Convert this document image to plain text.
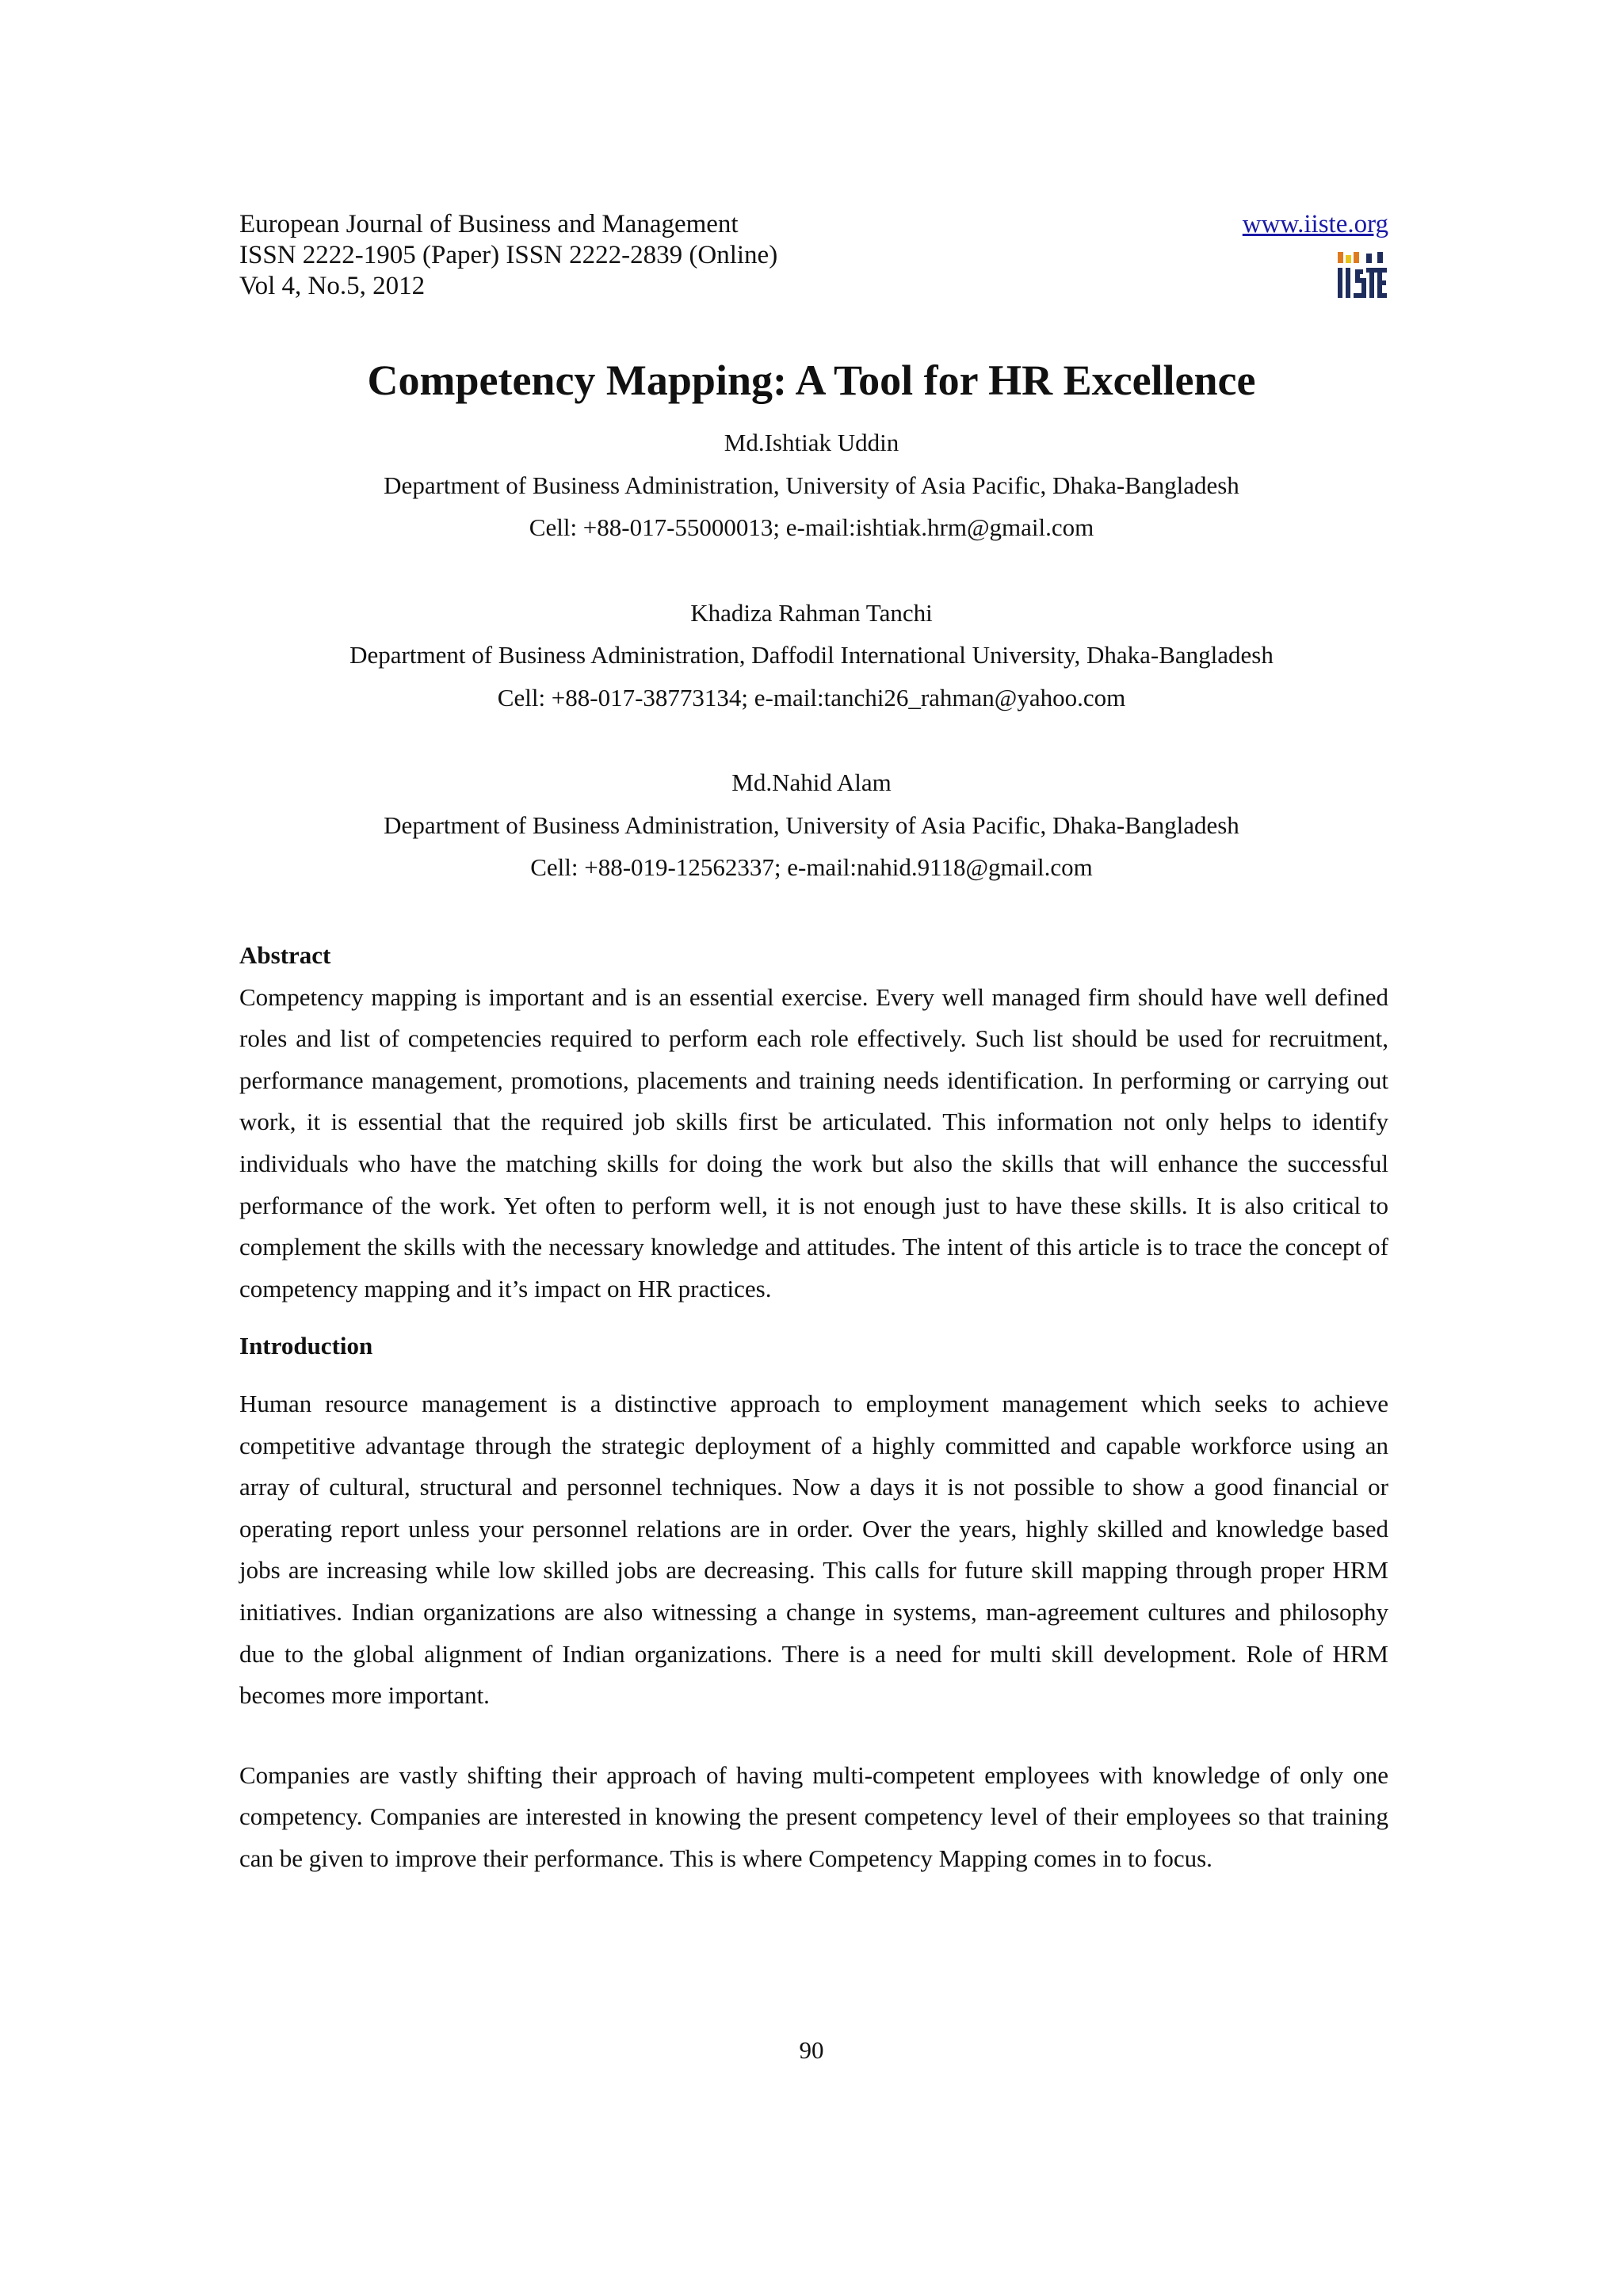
European Journal of Business and Management
ISSN 2222-1905 (Paper) ISSN 2222-2839 (Online)
Vol 4, No.5, 2012
www.iiste.org
Competency Mapping: A Tool for HR Excellence
Md.Ishtiak Uddin
Department of Business Administration, University of Asia Pacific, Dhaka-Bangladesh
Cell: +88-017-55000013; e-mail:ishtiak.hrm@gmail.com
Khadiza Rahman Tanchi
Department of Business Administration, Daffodil International University, Dhaka-Bangladesh
Cell: +88-017-38773134; e-mail:tanchi26_rahman@yahoo.com
Md.Nahid Alam
Department of Business Administration, University of Asia Pacific, Dhaka-Bangladesh
Cell: +88-019-12562337; e-mail:nahid.9118@gmail.com
Abstract

Competency mapping is important and is an essential exercise. Every well managed firm should have well defined roles and list of competencies required to perform each role effectively. Such list should be used for recruitment, performance management, promotions, placements and training needs identification. In performing or carrying out work, it is essential that the required job skills first be articulated. This information not only helps to identify individuals who have the matching skills for doing the work but also the skills that will enhance the successful performance of the work. Yet often to perform well, it is not enough just to have these skills. It is also critical to complement the skills with the necessary knowledge and attitudes. The intent of this article is to trace the concept of competency mapping and it’s impact on HR practices.

Introduction

Human resource management is a distinctive approach to employment management which seeks to achieve competitive advantage through the strategic deployment of a highly committed and capable workforce using an array of cultural, structural and personnel techniques. Now a days it is not possible to show a good financial or operating report unless your personnel relations are in order. Over the years, highly skilled and knowledge based jobs are increasing while low skilled jobs are decreasing. This calls for future skill mapping through proper HRM initiatives. Indian organizations are also witnessing a change in systems, man-agreement cultures and philosophy due to the global alignment of Indian organizations. There is a need for multi skill development. Role of HRM becomes more important.

Companies are vastly shifting their approach of having multi-competent employees with knowledge of only one competency. Companies are interested in knowing the present competency level of their employees so that training can be given to improve their performance. This is where Competency Mapping comes in to focus.

90
